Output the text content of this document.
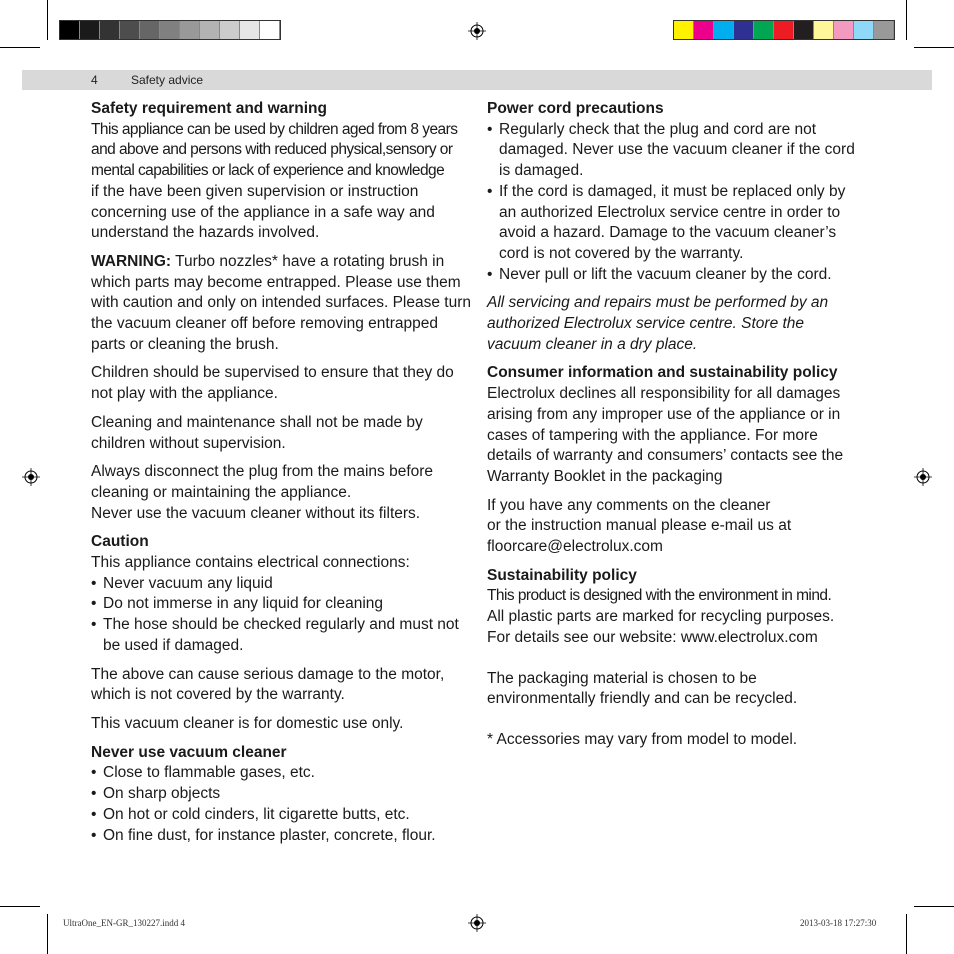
4	Safety advice
Safety requirement and warning

This appliance can be used by children aged from 8 years
and above and persons with reduced physical,sensory or
mental capabilities or lack of experience and knowledge
if the have been given supervision or instruction concerning use of the appliance in a safe way and understand the hazards involved.

WARNING: Turbo nozzles* have a rotating brush in which parts may become entrapped. Please use them with caution and only on intended surfaces. Please turn the vacuum cleaner off before removing entrapped parts or cleaning the brush.

Children should be supervised to ensure that they do not play with the appliance.

Cleaning and maintenance shall not be made by children without supervision.

Always disconnect the plug from the mains before cleaning or maintaining the appliance.
Never use the vacuum cleaner without its filters.

Caution
This appliance contains electrical connections:
• Never vacuum any liquid
• Do not immerse in any liquid for cleaning
• The hose should be checked regularly and must not be used if damaged.

The above can cause serious damage to the motor, which is not covered by the warranty.

This vacuum cleaner is for domestic use only.

Never use vacuum cleaner
• Close to flammable gases, etc.
• On sharp objects
• On hot or cold cinders, lit cigarette butts, etc.
• On fine dust, for instance plaster, concrete, flour.
Power cord precautions
• Regularly check that the plug and cord are not damaged. Never use the vacuum cleaner if the cord is damaged.
• If the cord is damaged, it must be replaced only by an authorized Electrolux service centre in order to avoid a hazard. Damage to the vacuum cleaner’s cord is not covered by the warranty.
• Never pull or lift the vacuum cleaner by the cord.

All servicing and repairs must be performed by an authorized Electrolux service centre. Store the vacuum cleaner in a dry place.

Consumer information and sustainability policy

Electrolux declines all responsibility for all damages arising from any improper use of the appliance or in cases of tampering with the appliance. For more details of warranty and consumers’ contacts see the Warranty Booklet in the packaging

If you have any comments on the cleaner
or the instruction manual please e-mail us at
floorcare@electrolux.com

Sustainability policy
This product is designed with the environment in mind.
All plastic parts are marked for recycling purposes.
For details see our website: www.electrolux.com
The packaging material is chosen to be environmentally friendly and can be recycled.
* Accessories may vary from model to model.
UltraOne_EN-GR_130227.indd 4	2013-03-18 17:27:30
